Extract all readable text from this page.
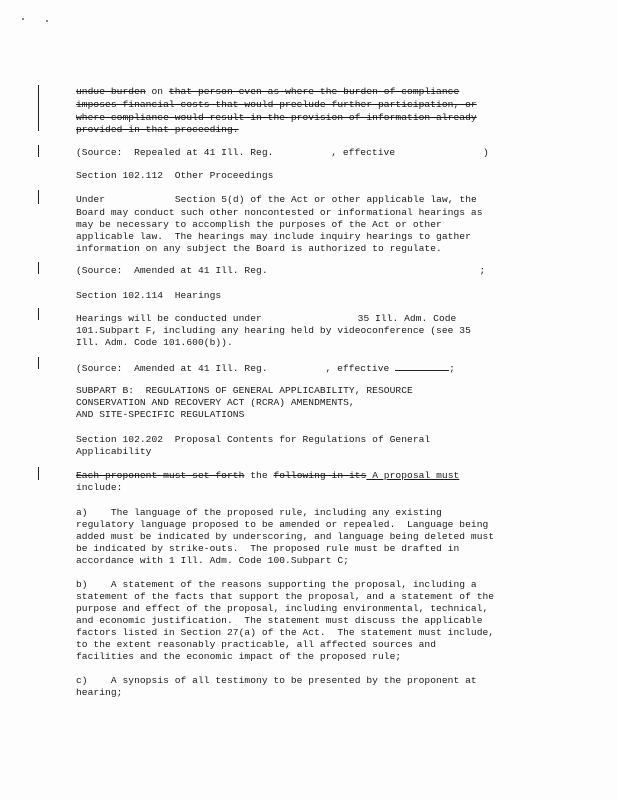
undue burden on that person even as where the burden of compliance
imposes financial costs that would preclude further participation, or
where compliance would result in the provision of information already
provided in that proceeding.
(Source:  Repealed at 41 Ill. Reg.	, effective	)
Section 102.112  Other Proceedings
Under	Section 5(d) of the Act or other applicable law, the
Board may conduct such other noncontested or informational hearings as
may be necessary to accomplish the purposes of the Act or other
applicable law.  The hearings may include inquiry hearings to gather
information on any subject the Board is authorized to regulate.
(Source:  Amended at 41 Ill. Reg.	;
Section 102.114  Hearings
Hearings will be conducted under	35 Ill. Adm. Code
101.Subpart F, including any hearing held by videoconference (see 35
Ill. Adm. Code 101.600(b)).
(Source:  Amended at 41 Ill. Reg.	, effective	;
SUBPART B:  REGULATIONS OF GENERAL APPLICABILITY, RESOURCE
CONSERVATION AND RECOVERY ACT (RCRA) AMENDMENTS,
AND SITE-SPECIFIC REGULATIONS
Section 102.202  Proposal Contents for Regulations of General
Applicability
Each proponent must set forth the following in its A proposal must
include:
a)    The language of the proposed rule, including any existing
regulatory language proposed to be amended or repealed.  Language being
added must be indicated by underscoring, and language being deleted must
be indicated by strike-outs.  The proposed rule must be drafted in
accordance with 1 Ill. Adm. Code 100.Subpart C;
b)    A statement of the reasons supporting the proposal, including a
statement of the facts that support the proposal, and a statement of the
purpose and effect of the proposal, including environmental, technical,
and economic justification.  The statement must discuss the applicable
factors listed in Section 27(a) of the Act.  The statement must include,
to the extent reasonably practicable, all affected sources and
facilities and the economic impact of the proposed rule;
c)    A synopsis of all testimony to be presented by the proponent at
hearing;
